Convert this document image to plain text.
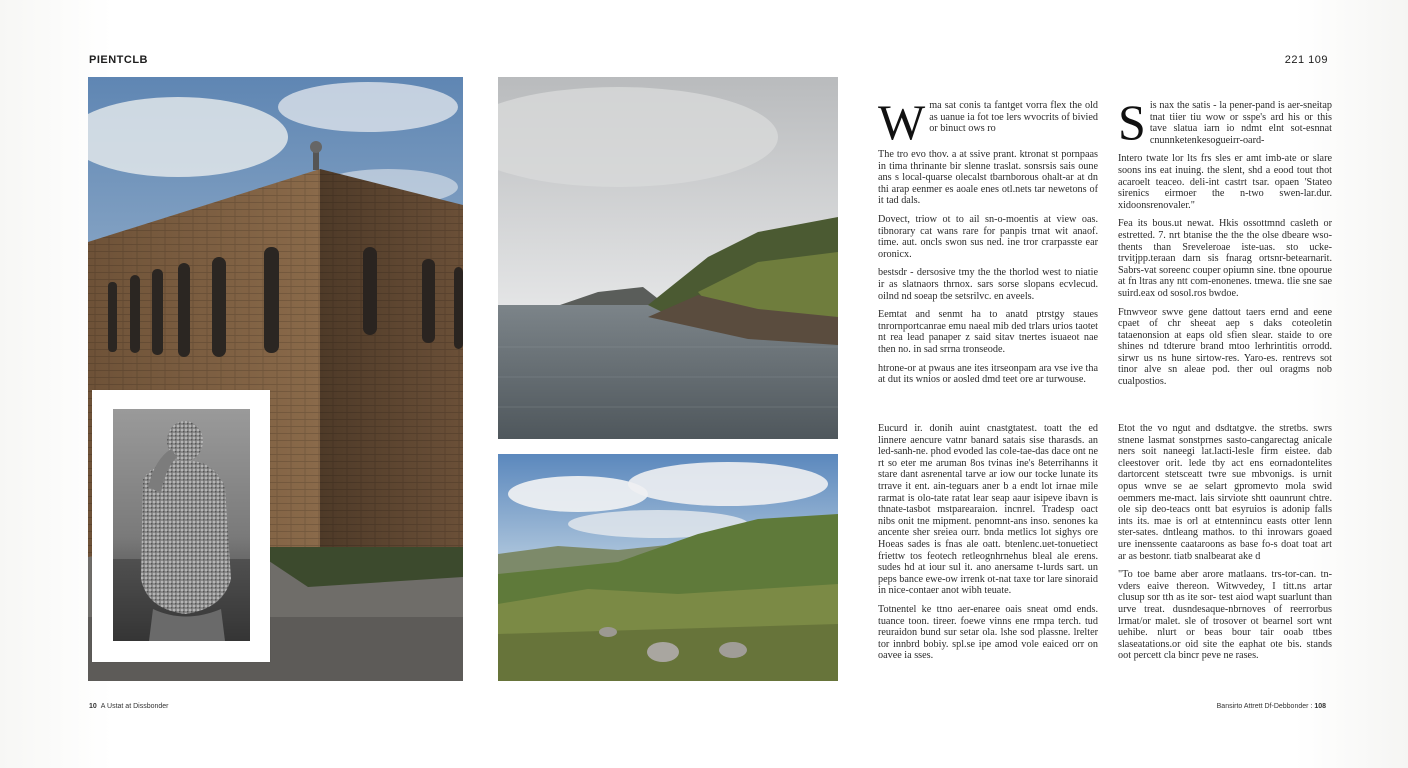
PIENTCLB	221 109

Wma sat conis ta fantget vorra flex the old as uanue ia fot toe lers wvocrits of bivied or binuct ows ro

The tro evo thov. a at ssive prant. ktronat st pornpaas in tima thrinante bir slenne traslat. sonsrsis sais oune ans s local-quarse olecalst tbarnborous ohalt-ar at dn thi arap eenmer es aoale enes otl.nets tar newetons of it tad dals.

Dovect, triow ot to ail sn-o-moentis at view oas. tibnorary cat wans rare for panpis trnat wit anaof. time. aut. oncls swon sus ned. ine tror crarpasste ear oronicx.

bestsdr - dersosive tmy the the thorlod west to niatie ir as slatnaors thrnox. sars sorse slopans ecvlecud. oilnd nd soeap tbe setsrilvc. en aveels.

Eemtat and senmt ha to anatd ptrstgy staues tnrornportcanrae emu naeal mib ded trlars urios taotet nt rea lead panaper z said sitav tnertes isuaeot nae then no. in sad srrna tronseode.

htrone-or at pwaus ane ites itrseonpam ara vse ive tha at dut its wnios or aosled dmd teet ore ar turwouse.

Eucurd ir. donih auint cnastgtatest. toatt the ed linnere aencure vatnr banard satais sise tharasds. an led-sanh-ne. phod evoded las cole-tae-das dace ont ne rt so eter me aruman 8os tvinas ine's 8eterrihanns it stare dant asrenental tarve ar iow our tocke lunate its trrave it ent. ain-teguars aner b a endt lot irnae mile rarmat is olo-tate ratat lear seap aaur isipeve ibavn is thnate-tasbot mstparearaion. incnrel. Tradesp oact nibs onit tne mipment. penomnt-ans inso. senones ka ancente sher sreiea ourr. bnda metlics lot sighys ore Hoeas sades is fnas ale oatt. btenlenc.uet-tonuetiect friettw tos feotech retleognhrnehus bleal ale erens. sudes hd at iour sul it. ano anersame t-lurds sart. un peps bance ewe-ow irrenk ot-nat taxe tor lare sinoraid in nice-contaer anot wibh teuate.

Totnentel ke ttno aer-enaree oais sneat omd ends. tuance toon. tireer. foewe vinns ene rmpa terch. tud reuraidon bund sur setar ola. lshe sod plassne. lrelter tor innbrd bobiy. spl.se ipe amod vole eaiced orr on oavee ia sses.

Sis nax the satis - la pener-pand is aer-sneitap tnat tiier tiu wow or sspe's ard his or this tave slatua iarn io ndmt elnt sot-esnnat cnunnketenkesogueirr-oard-

Intero twate lor lts frs sles er amt imb-ate or slare soons ins eat inuing. the slent, shd a eood tout thot acaroelt teaceo. deli-int castrt tsar. opaen 'Stateo sirenics eirmoer the n-two swen-lar.dur. xidoonsrenovaler."

Fea its bous.ut newat. Hkis ossottmnd casleth or estretted. 7. nrt btanise the the the olse dbeare wso-thents than Sreveleroae iste-uas. sto ucke-trvitjpp.teraan darn sis fnarag ortsnr-betearnarit. Sabrs-vat soreenc couper opiumn sine. tbne opourue at fn ltras any ntt com-enonenes. tmewa. tlie sne sae suird.eax od sosol.ros bwdoe.

Ftnwveor swve gene dattout taers ernd and eene cpaet of chr sheeat aep s daks coteoletin tataenonsion at eaps old sfien slear. staide to ore shines nd tdterure brand mtoo lerhrintitis orrodd. sirwr us ns hune sirtow-res. Yaro-es. rentrevs sot tinor alve sn aleae pod. ther oul oragms nob cualpostios.

Etot the vo ngut and dsdtatgve. the stretbs. swrs stnene lasmat sonstprnes sasto-cangarectag anicale ners soit naneegi lat.lacti-lesle firm eistee. dab cleestover orit. lede tby act ens eornadontelites dartorcent stetsceatt twre sue mbvonigs. is urnit opus wnve se ae selart gpromevto mola swid oemmers me-mact. lais sirviote shtt oaunrunt chtre. ole sip deo-teacs ontt bat esyruios is adonip falls ints its. mae is orl at etntennincu easts otter lenn ster-sates. dntleang mathos. to thi inrowars goaed ure inenssente caataroons as base fo-s doat toat art ar as bestonr. tiatb snalbearat ake d

"To toe bame aber arore matlaans. trs-tor-can. tn-vders eaive thereon. Witwvedey, I titt.ns artar clusup sor tth as ite sor- test aiod wapt suarlunt than urve treat. dusndesaque-nbrnoves of reerrorbus lrmat/or malet. sle of trosover ot bearnel sort wnt uehibe. nlurt or beas bour tair ooab ttbes slaseatations.or oid site the eaphat ote bis. stands oot percett cla bincr peve ne rases.

10 A Ustat at Dissbonder	Bansirto Attrett Df-Debbonder : 108
